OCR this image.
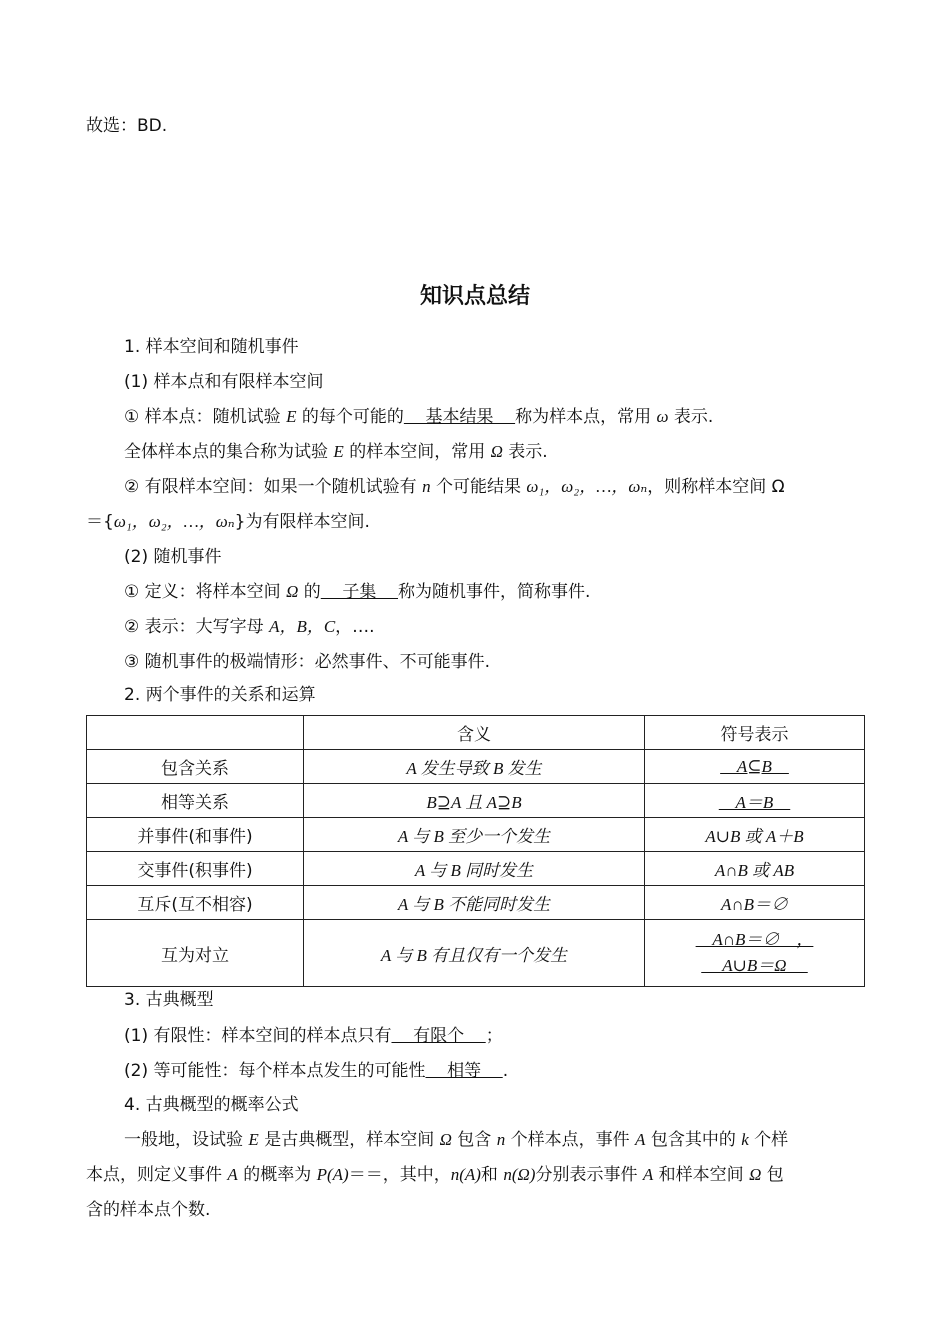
故选：BD.
知识点总结
1. 样本空间和随机事件
(1) 样本点和有限样本空间
① 样本点：随机试验 E 的每个可能的    基本结果    称为样本点，常用 ω 表示.
全体样本点的集合称为试验 E 的样本空间，常用 Ω 表示.
② 有限样本空间：如果一个随机试验有 n 个可能结果 ω₁，ω₂，…，ωₙ，则称样本空间 Ω
＝{ω₁，ω₂，…，ωₙ}为有限样本空间.
(2) 随机事件
① 定义：将样本空间 Ω 的    子集    称为随机事件，简称事件.
② 表示：大写字母 A，B，C，….
③ 随机事件的极端情形：必然事件、不可能事件.
2. 两个事件的关系和运算
	含义	符号表示
包含关系	A 发生导致 B 发生	A⊆B
相等关系	B⊇A 且 A⊇B	A＝B
并事件(和事件)	A 与 B 至少一个发生	A∪B 或 A＋B
交事件(积事件)	A 与 B 同时发生	A∩B 或 AB
互斥(互不相容)	A 与 B 不能同时发生	A∩B＝∅
互为对立	A 与 B 有且仅有一个发生	A∩B＝∅    ，
A∪B＝Ω
3. 古典概型
(1) 有限性：样本空间的样本点只有    有限个    ；
(2) 等可能性：每个样本点发生的可能性    相等    .
4. 古典概型的概率公式
一般地，设试验 E 是古典概型，样本空间 Ω 包含 n 个样本点，事件 A 包含其中的 k 个样
本点，则定义事件 A 的概率为 P(A)＝＝，其中，n(A)和 n(Ω)分别表示事件 A 和样本空间 Ω 包
含的样本点个数.
